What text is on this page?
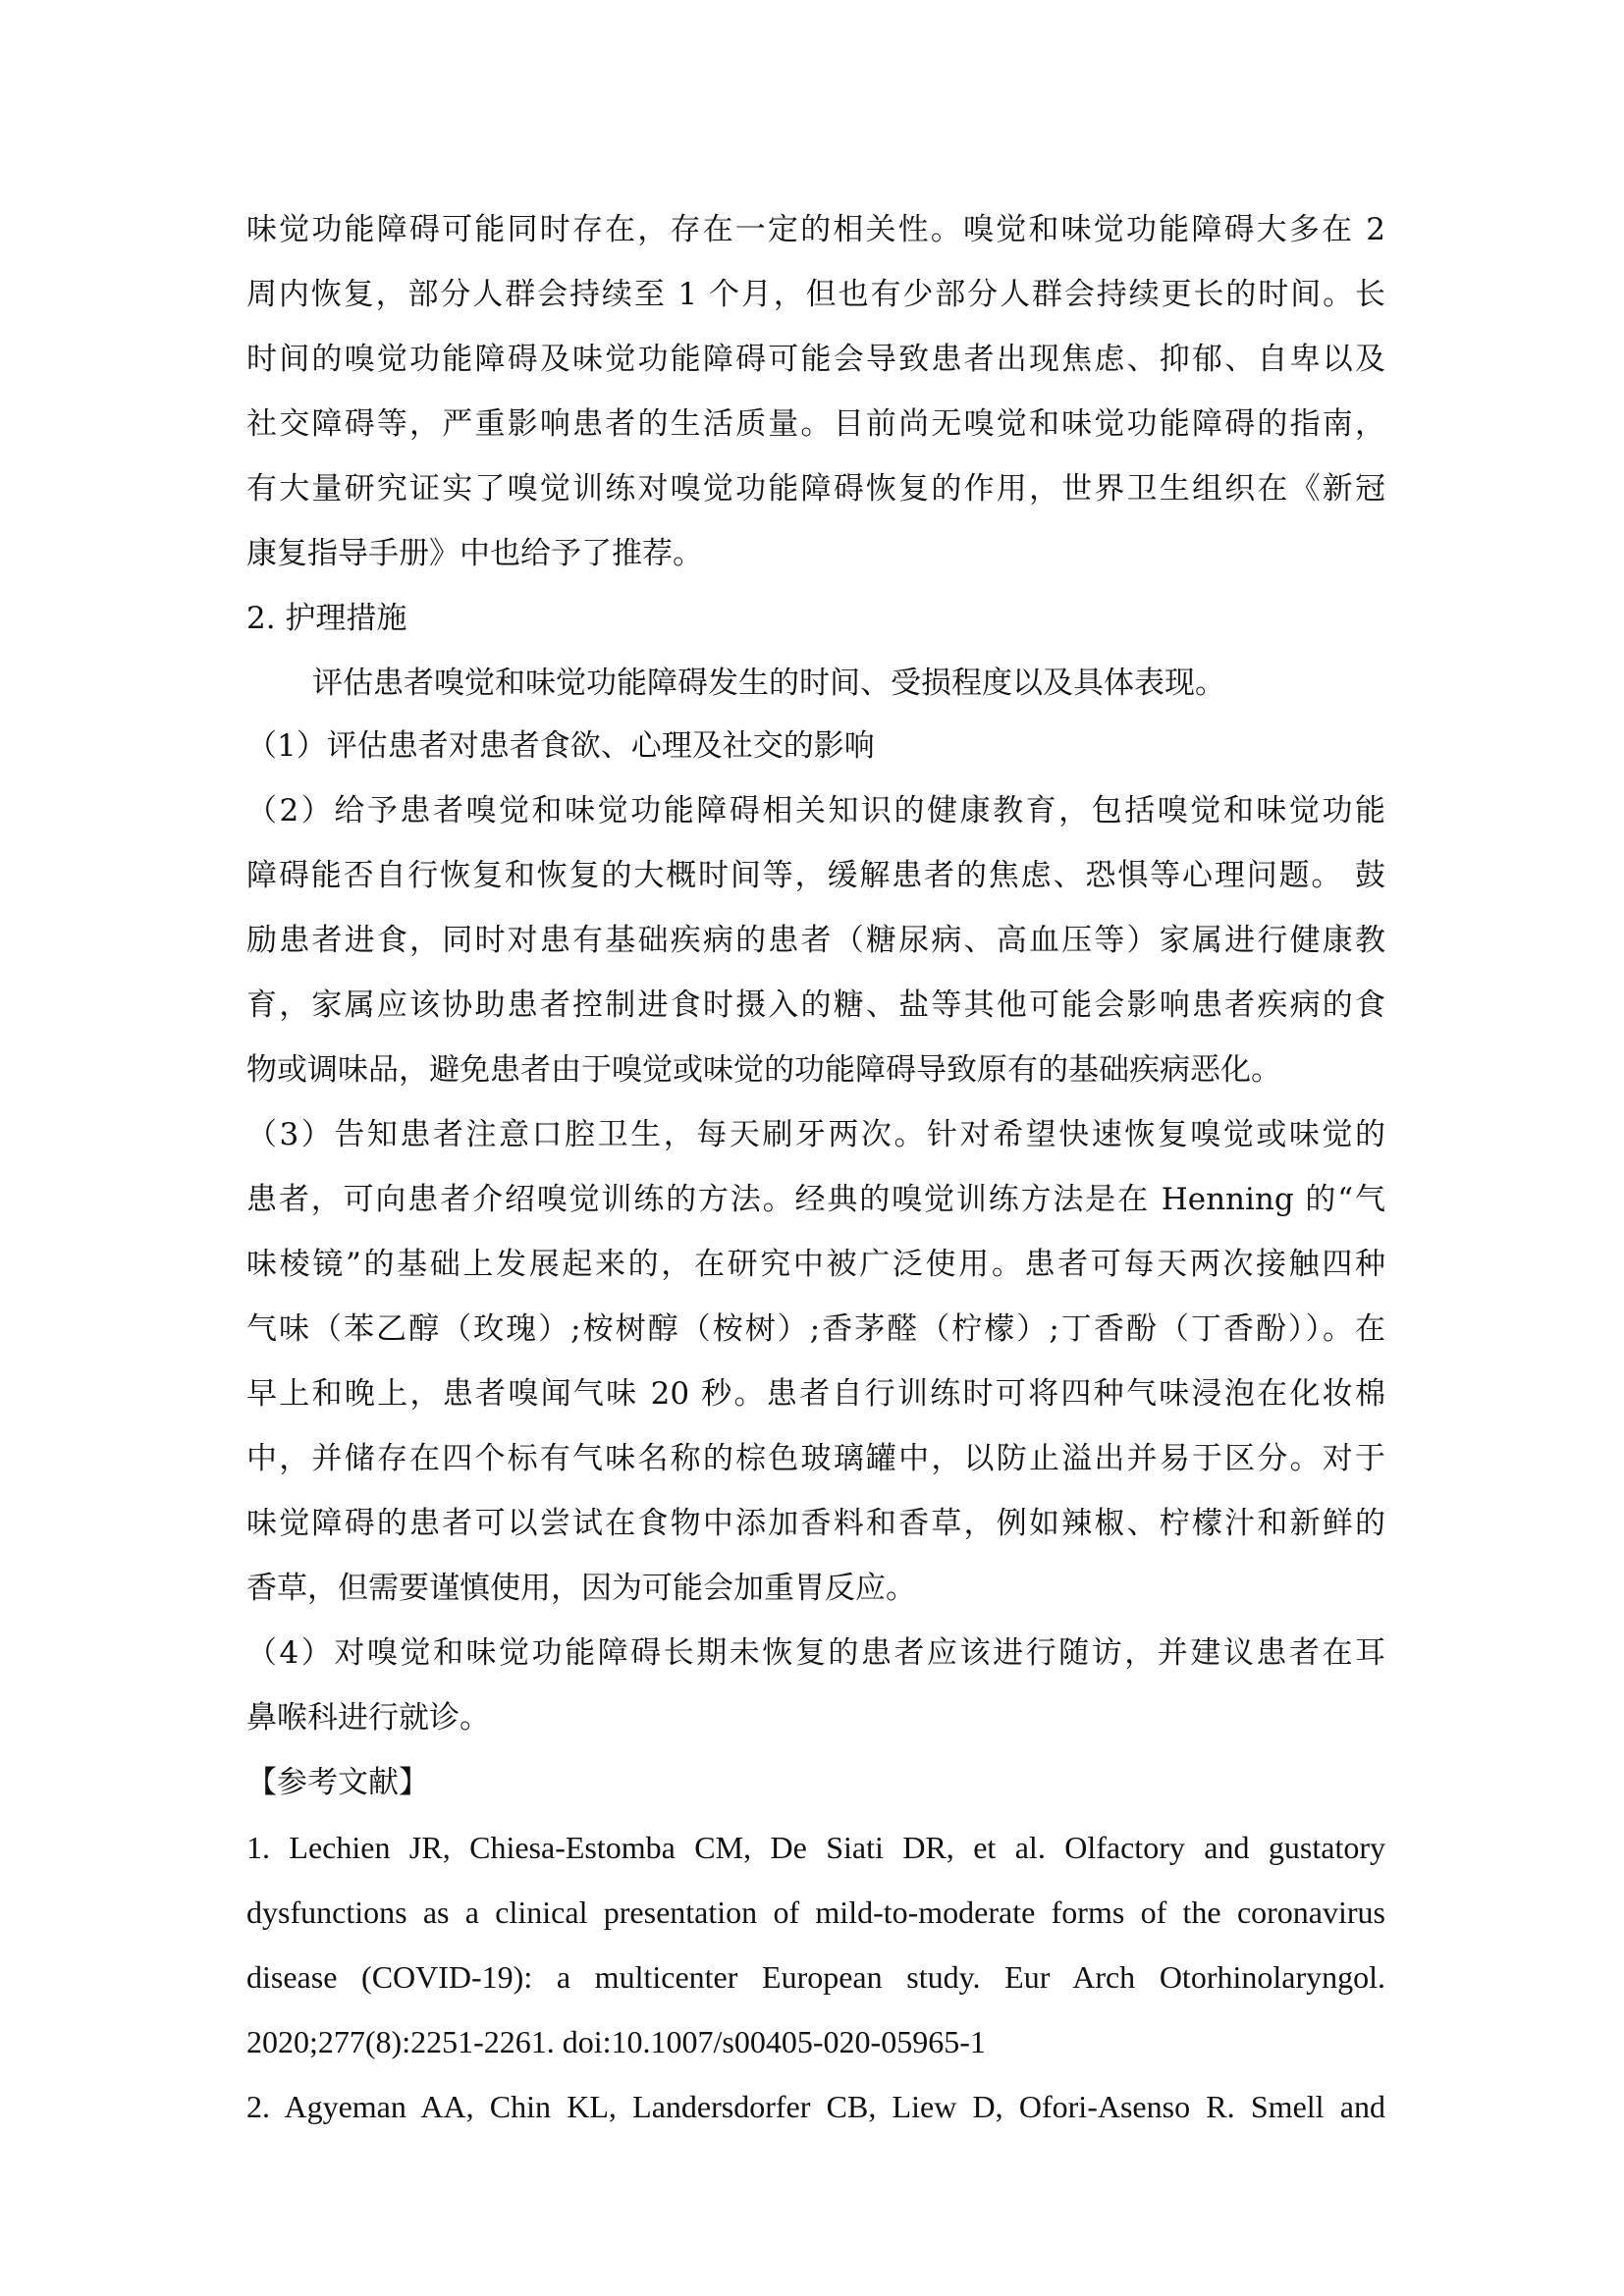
味觉功能障碍可能同时存在，存在一定的相关性。嗅觉和味觉功能障碍大多在 2
周内恢复，部分人群会持续至 1 个月，但也有少部分人群会持续更长的时间。长
时间的嗅觉功能障碍及味觉功能障碍可能会导致患者出现焦虑、抑郁、自卑以及
社交障碍等，严重影响患者的生活质量。目前尚无嗅觉和味觉功能障碍的指南，
有大量研究证实了嗅觉训练对嗅觉功能障碍恢复的作用，世界卫生组织在《新冠
康复指导手册》中也给予了推荐。
2. 护理措施
评估患者嗅觉和味觉功能障碍发生的时间、受损程度以及具体表现。
（1）评估患者对患者食欲、心理及社交的影响
（2）给予患者嗅觉和味觉功能障碍相关知识的健康教育，包括嗅觉和味觉功能
障碍能否自行恢复和恢复的大概时间等，缓解患者的焦虑、恐惧等心理问题。 鼓
励患者进食，同时对患有基础疾病的患者（糖尿病、高血压等）家属进行健康教
育，家属应该协助患者控制进食时摄入的糖、盐等其他可能会影响患者疾病的食
物或调味品，避免患者由于嗅觉或味觉的功能障碍导致原有的基础疾病恶化。
（3）告知患者注意口腔卫生，每天刷牙两次。针对希望快速恢复嗅觉或味觉的
患者，可向患者介绍嗅觉训练的方法。经典的嗅觉训练方法是在 Henning 的“气
味棱镜”的基础上发展起来的，在研究中被广泛使用。患者可每天两次接触四种
气味（苯乙醇（玫瑰）;桉树醇（桉树）;香茅醛（柠檬）;丁香酚（丁香酚））。在
早上和晚上，患者嗅闻气味 20 秒。患者自行训练时可将四种气味浸泡在化妆棉
中，并储存在四个标有气味名称的棕色玻璃罐中，以防止溢出并易于区分。对于
味觉障碍的患者可以尝试在食物中添加香料和香草，例如辣椒、柠檬汁和新鲜的
香草，但需要谨慎使用，因为可能会加重胃反应。
（4）对嗅觉和味觉功能障碍长期未恢复的患者应该进行随访，并建议患者在耳
鼻喉科进行就诊。
【参考文献】
1. Lechien JR, Chiesa-Estomba CM, De Siati DR, et al. Olfactory and gustatory
dysfunctions as a clinical presentation of mild-to-moderate forms of the coronavirus
disease (COVID-19): a multicenter European study. Eur Arch Otorhinolaryngol.
2020;277(8):2251-2261. doi:10.1007/s00405-020-05965-1
2. Agyeman AA, Chin KL, Landersdorfer CB, Liew D, Ofori-Asenso R. Smell and
